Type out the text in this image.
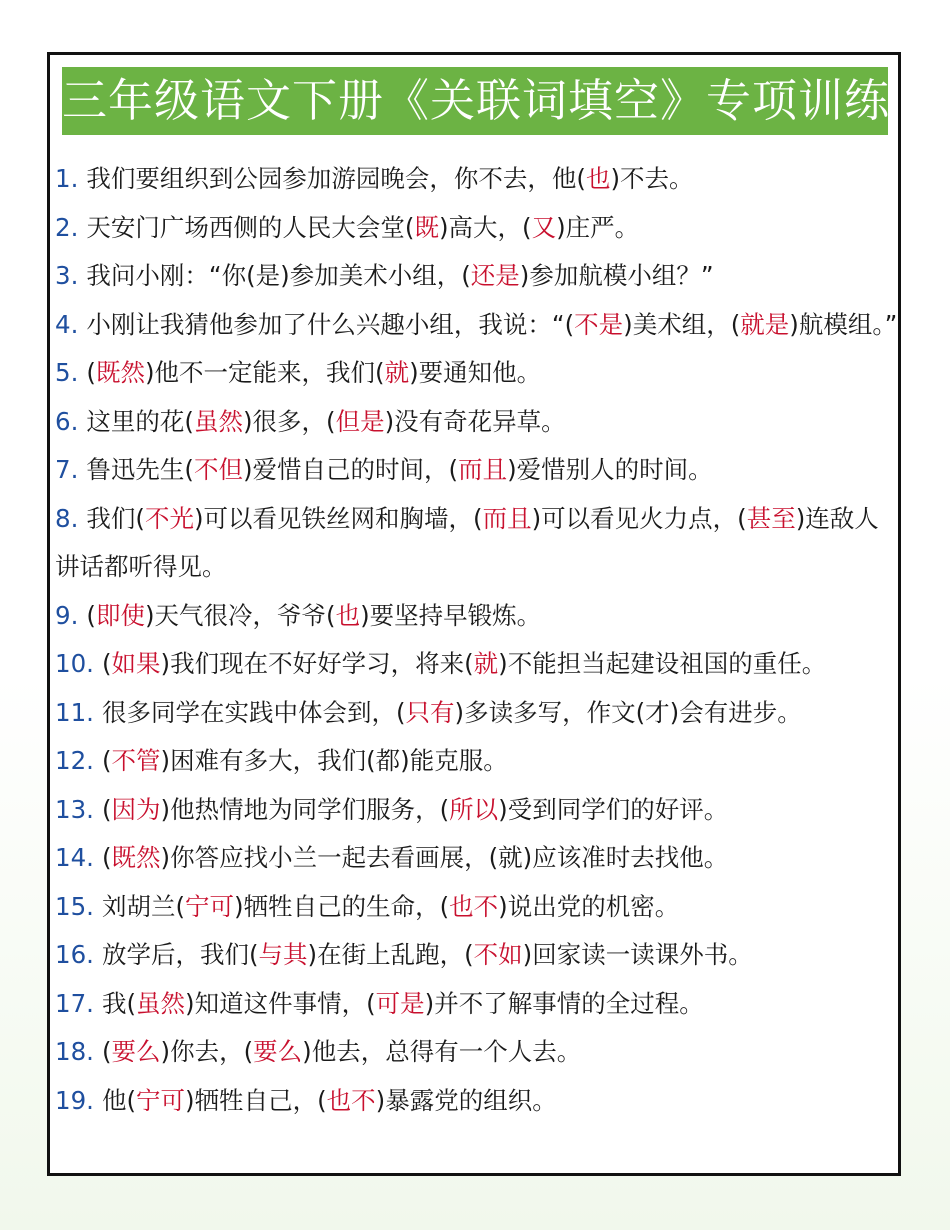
三年级语文下册《关联词填空》专项训练
1. 我们要组织到公园参加游园晚会，你不去，他(也)不去。
2. 天安门广场西侧的人民大会堂(既)高大，(又)庄严。
3. 我问小刚：“你(是)参加美术小组，(还是)参加航模小组？”
4. 小刚让我猜他参加了什么兴趣小组，我说：“(不是)美术组，(就是)航模组。”
5. (既然)他不一定能来，我们(就)要通知他。
6. 这里的花(虽然)很多，(但是)没有奇花异草。
7. 鲁迅先生(不但)爱惜自己的时间，(而且)爱惜别人的时间。
8. 我们(不光)可以看见铁丝网和胸墙，(而且)可以看见火力点，(甚至)连敌人讲话都听得见。
9. (即使)天气很冷，爷爷(也)要坚持早锻炼。
10. (如果)我们现在不好好学习，将来(就)不能担当起建设祖国的重任。
11. 很多同学在实践中体会到，(只有)多读多写，作文(才)会有进步。
12. (不管)困难有多大，我们(都)能克服。
13. (因为)他热情地为同学们服务，(所以)受到同学们的好评。
14. (既然)你答应找小兰一起去看画展，(就)应该准时去找他。
15. 刘胡兰(宁可)牺牲自己的生命，(也不)说出党的机密。
16. 放学后，我们(与其)在街上乱跑，(不如)回家读一读课外书。
17. 我(虽然)知道这件事情，(可是)并不了解事情的全过程。
18. (要么)你去，(要么)他去，总得有一个人去。
19. 他(宁可)牺牲自己，(也不)暴露党的组织。
